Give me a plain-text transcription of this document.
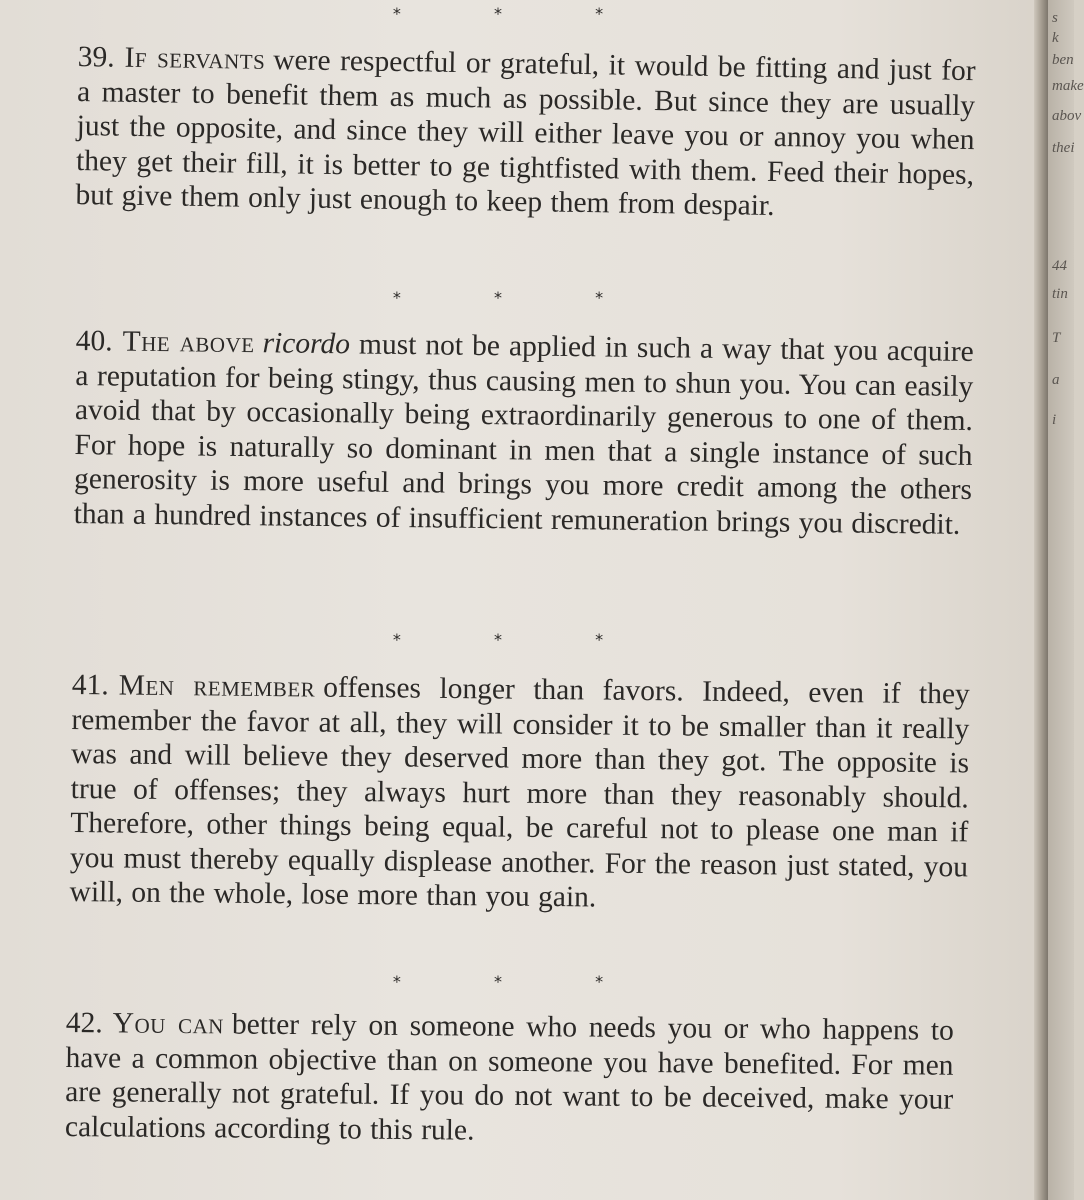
* * *
39. If servants were respectful or grateful, it would be fitting and just for a master to benefit them as much as possible. But since they are usually just the opposite, and since they will either leave you or annoy you when they get their fill, it is better to ge tightfisted with them. Feed their hopes, but give them only just enough to keep them from despair.
* * *
40. The above ricordo must not be applied in such a way that you acquire a reputation for being stingy, thus causing men to shun you. You can easily avoid that by occasionally being extraordinarily generous to one of them. For hope is naturally so dominant in men that a single instance of such generosity is more useful and brings you more credit among the others than a hundred instances of insufficient remuneration brings you discredit.
* * *
41. Men remember offenses longer than favors. Indeed, even if they remember the favor at all, they will consider it to be smaller than it really was and will believe they deserved more than they got. The opposite is true of offenses; they always hurt more than they reasonably should. Therefore, other things being equal, be careful not to please one man if you must thereby equally displease another. For the reason just stated, you will, on the whole, lose more than you gain.
* * *
42. You can better rely on someone who needs you or who happens to have a common objective than on someone you have benefited. For men are generally not grateful. If you do not want to be deceived, make your calculations according to this rule.
s
k
ben
make
abov
thei
44
tin
T
a
i
